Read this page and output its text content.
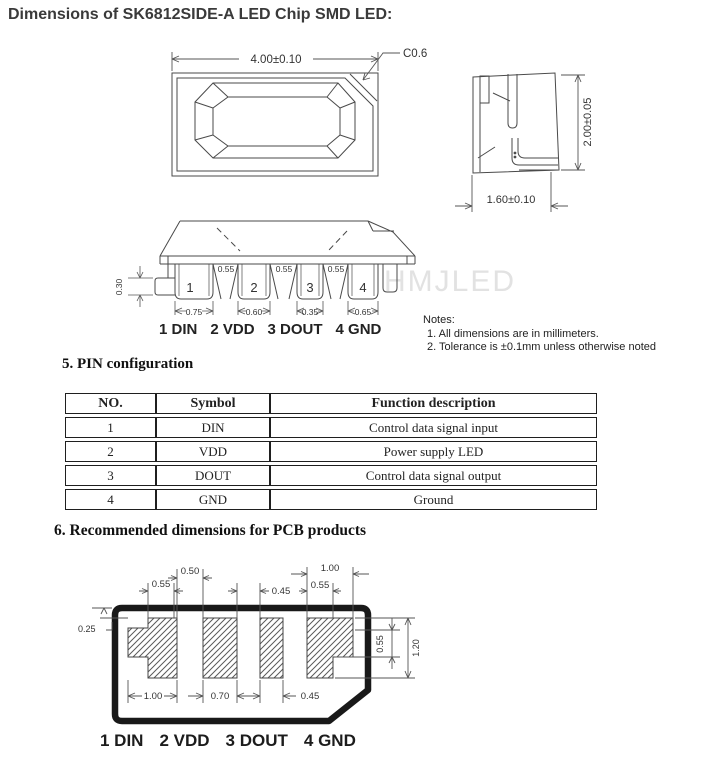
Dimensions of SK6812SIDE-A LED Chip SMD LED:
HMJLED
4.00±0.10	C0.6
2.00±0.05
1.60±0.10
0.30
0.55	0.55	0.55
1	2	3	4
0.75	0.60	0.35	0.65
1 DIN 2 VDD 3 DOUT 4 GND
Notes:
1. All dimensions are in millimeters.
2. Tolerance is ±0.1mm unless otherwise noted
5. PIN configuration
NO.	Symbol	Function description
1	DIN	Control data signal input
2	VDD	Power supply LED
3	DOUT	Control data signal output
4	GND	Ground
6. Recommended dimensions for PCB products
0.50
0.55
0.45
1.00
0.55
0.25
1.00	0.70	0.45
0.55	1.20
1 DIN 2 VDD 3 DOUT 4 GND
